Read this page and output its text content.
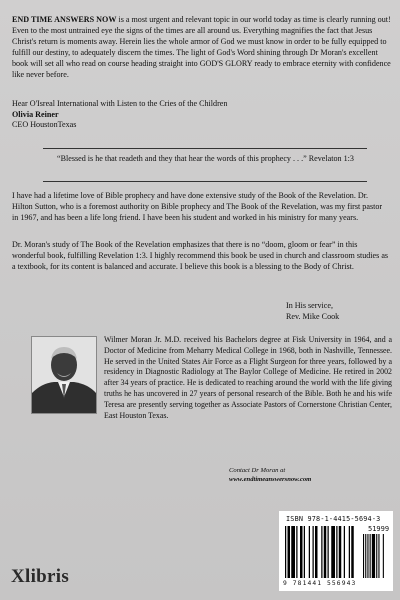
END TIME ANSWERS NOW is a most urgent and relevant topic in our world today as time is clearly running out! Even to the most untrained eye the signs of the times are all around us. Everything magnifies the fact that Jesus Christ's return is moments away. Herein lies the whole armor of God we must know in order to be fully equipped to fulfill our destiny, to adequately discern the times. The light of God's Word shining through Dr Moran's excellent book will set all who read on course heading straight into GOD'S GLORY ready to embrace eternity with confidence like never before.

Hear O'Isreal International with Listen to the Cries of the Children
Olivia Reiner
CEO HoustonTexas
“Blessed is he that readeth and they that hear the words of this prophecy . . .” Revelaton 1:3

I have had a lifetime love of Bible prophecy and have done extensive study of the Book of the Revelation. Dr. Hilton Sutton, who is a foremost authority on Bible prophecy and The Book of the Revelation, was my first pastor in 1967, and has been a life long friend. I have been his student and worked in his ministry for many years.

Dr. Moran's study of The Book of the Revelation emphasizes that there is no “doom, gloom or fear” in this wonderful book, fulfilling Revelation 1:3. I highly recommend this book be used in church and classroom studies as a textbook, for its content is balanced and accurate. I believe this book is a blessing to the Body of Christ.

In His service,
Rev. Mike Cook

Wilmer Moran Jr. M.D. received his Bachelors degree at Fisk University in 1964, and a Doctor of Medicine from Meharry Medical College in 1968, both in Nashville, Tennessee. He served in the United States Air Force as a Flight Surgeon for three years, followed by a residency in Diagnostic Radiology at The Baylor College of Medicine. He retired in 2002 after 34 years of practice. He is dedicated to reaching around the world with the life giving truths he has uncovered in 27 years of personal research of the Bible. Both he and his wife Teresa are presently serving together as Associate Pastors of Cornerstone Christian Center, East Houston Texas.

Contact Dr Moran at
www.endtimeanswersnow.com
ISBN 978-1-4415-5694-3
51999
9 781441 556943
Xlibris
